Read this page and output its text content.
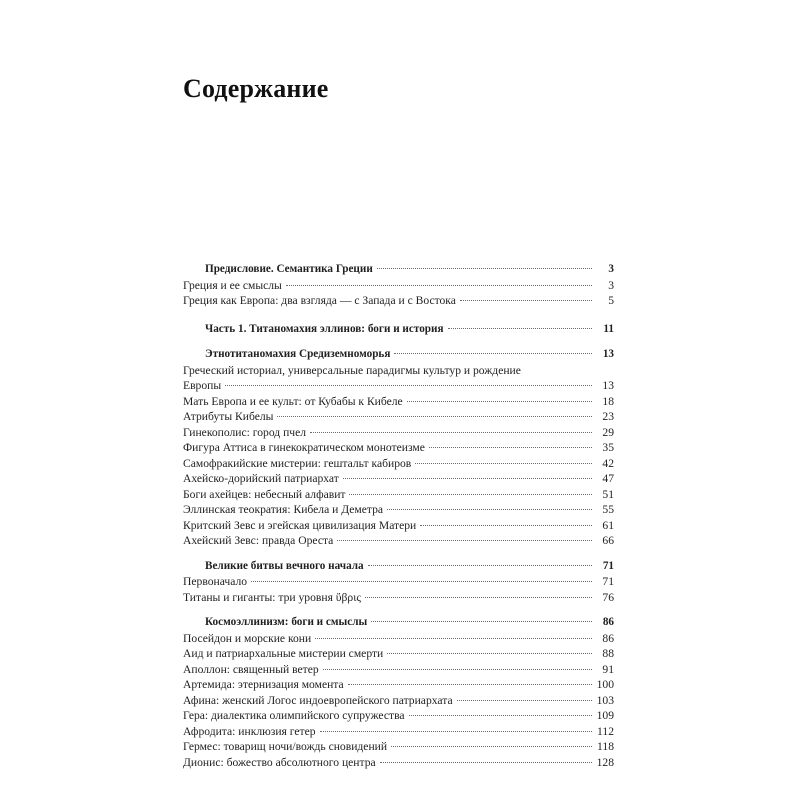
Содержание
Предисловие. Семантика Греции	3
Греция и ее смыслы	3
Греция как Европа: два взгляда — с Запада и с Востока	5
Часть 1. Титаномахия эллинов: боги и история	11
Этнотитаномахия Средиземноморья	13
Греческий историал, универсальные парадигмы культур и рождение
Европы	13
Мать Европа и ее культ: от Кубабы к Кибеле	18
Атрибуты Кибелы	23
Гинекополис: город пчел	29
Фигура Аттиса в гинекократическом монотеизме	35
Самофракийские мистерии: гештальт кабиров	42
Ахейско-дорийский патриархат	47
Боги ахейцев: небесный алфавит	51
Эллинская теократия: Кибела и Деметра	55
Критский Зевс и эгейская цивилизация Матери	61
Ахейский Зевс: правда Ореста	66
Великие битвы вечного начала	71
Первоначало	71
Титаны и гиганты: три уровня ὕβρις	76
Космоэллинизм: боги и смыслы	86
Посейдон и морские кони	86
Аид и патриархальные мистерии смерти	88
Аполлон: священный ветер	91
Артемида: этернизация момента	100
Афина: женский Логос индоевропейского патриархата	103
Гера: диалектика олимпийского супружества	109
Афродита: инклюзия гетер	112
Гермес: товарищ ночи/вождь сновидений	118
Дионис: божество абсолютного центра	128
